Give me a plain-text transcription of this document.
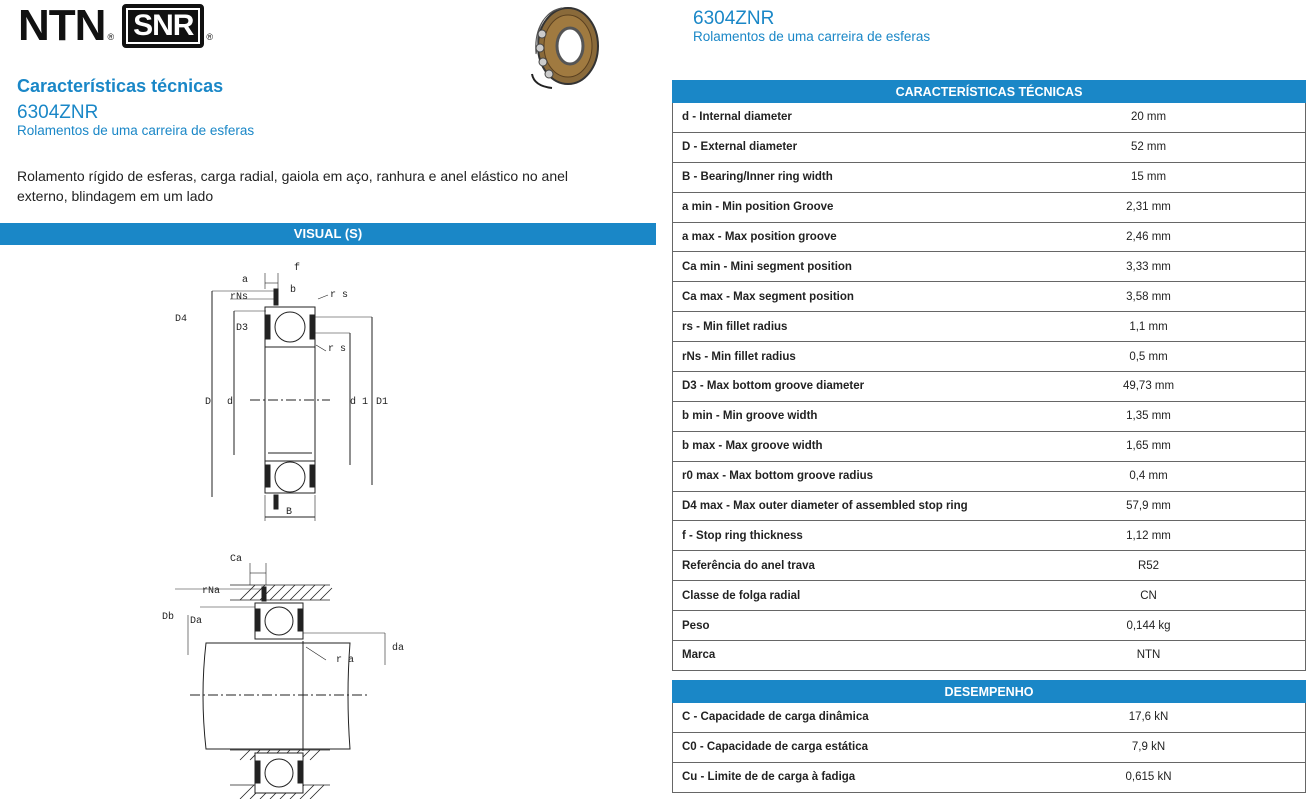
NTN ® SNR	®
Características técnicas
6304ZNR
Rolamentos de uma carreira de esferas
Rolamento rígido de esferas, carga radial, gaiola em aço, ranhura e anel elástico no anel externo, blindagem em um lado
VISUAL (S)
a
f
b
rNs	r s
D4
D3
r s
D d	d 1 D1
B
Ca
rNa
Db Da
da
r a
6304ZNR
Rolamentos de uma carreira de esferas
CARACTERÍSTICAS TÉCNICAS	
d - Internal diameter	20 mm
D - External diameter	52 mm
B - Bearing/Inner ring width	15 mm
a min - Min position Groove	2,31 mm
a max - Max position groove	2,46 mm
Ca min - Mini segment position	3,33 mm
Ca max - Max segment position	3,58 mm
rs - Min fillet radius	1,1 mm
rNs - Min fillet radius	0,5 mm
D3 - Max bottom groove diameter	49,73 mm
b min - Min groove width	1,35 mm
b max - Max groove width	1,65 mm
r0 max - Max bottom groove radius	0,4 mm
D4 max - Max outer diameter of assembled stop ring	57,9 mm
f - Stop ring thickness	1,12 mm
Referência do anel trava	R52
Classe de folga radial	CN
Peso	0,144 kg
Marca	NTN
DESEMPENHO	
C - Capacidade de carga dinâmica	17,6 kN
C0 - Capacidade de carga estática	7,9 kN
Cu - Limite de de carga à fadiga	0,615 kN
